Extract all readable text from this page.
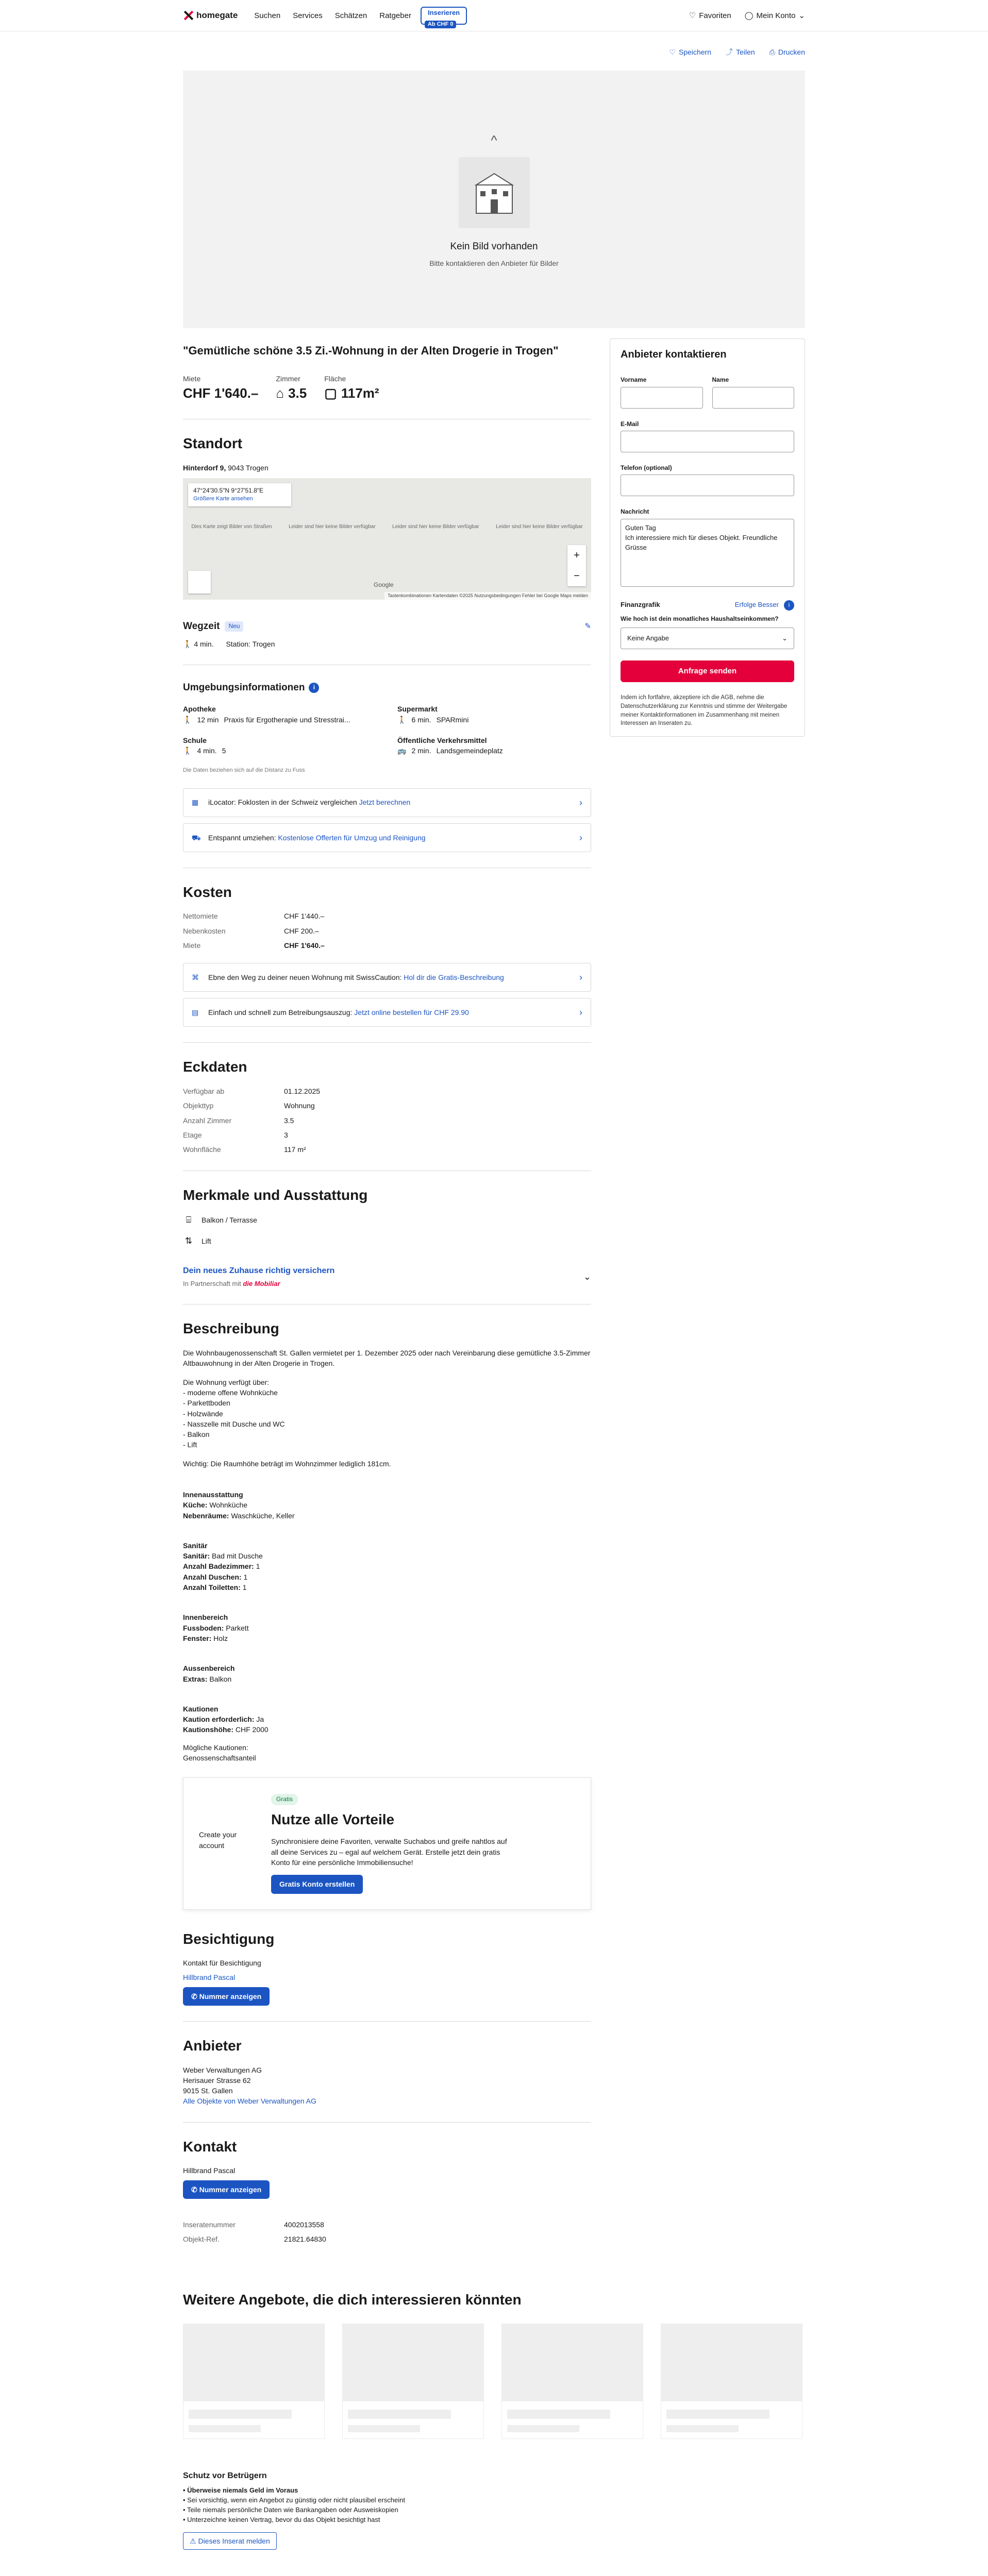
homegate Suchen Services Schätzen Ratgeber	Inserieren
Ab CHF 0
♡ Favoriten ◯ Mein Konto ⌄
♡ Speichern ⤴ Teilen ⎙ Drucken
^
Kein Bild vorhanden
Bitte kontaktieren den Anbieter für Bilder
"Gemütliche schöne 3.5 Zi.-Wohnung in der Alten Drogerie in Trogen"
Miete
CHF 1'640.–
Zimmer
⌂ 3.5
Fläche
▢ 117m²
Standort
Hinterdorf 9, 9043 Trogen
47°24'30.5"N 9°27'51.8"E
Größere Karte ansehen
Dies Karte zeigt Bilder von Straßen	Leider sind hier keine Bilder verfügbar	Leider sind hier keine Bilder verfügbar	Leider sind hier keine Bilder verfügbar
+
−
Google
Tastenkombinationen Kartendaten ©2025 Nutzungsbedingungen Fehler bei Google Maps melden
Wegzeit	Neu	✎
🚶 4 min. Station: Trogen
Umgebungsinformationen	i
Apotheke
🚶 12 min Praxis für Ergotherapie und Stresstrai...
Supermarkt
🚶 6 min. SPARmini
Schule
🚶 4 min. 5
Öffentliche Verkehrsmittel
🚌 2 min. Landsgemeindeplatz
Die Daten beziehen sich auf die Distanz zu Fuss
▦	iLocator: Foklosten in der Schweiz vergleichen Jetzt berechnen	›
⛟ Entspannt umziehen: Kostenlose Offerten für Umzug und Reinigung	›
Kosten
Nettomiete	CHF 1'440.–
Nebenkosten	CHF 200.–
Miete	CHF 1'640.–
⌘	Ebne den Weg zu deiner neuen Wohnung mit SwissCaution: Hol dir die Gratis-Beschreibung	›
▤	Einfach und schnell zum Betreibungsauszug: Jetzt online bestellen für CHF 29.90	›
Eckdaten
Verfügbar ab	01.12.2025
Objekttyp	Wohnung
Anzahl Zimmer	3.5
Etage	3
Wohnfläche	117 m²
Merkmale und Ausstattung
⌸	Balkon / Terrasse
⇅ Lift
Dein neues Zuhause richtig versichern
In Partnerschaft mit die Mobiliar
⌄
Beschreibung

Die Wohnbaugenossenschaft St. Gallen vermietet per 1. Dezember 2025 oder nach Vereinbarung diese gemütliche 3.5-Zimmer Altbauwohnung in der Alten Drogerie in Trogen.

Die Wohnung verfügt über:
- moderne offene Wohnküche
- Parkettboden
- Holzwände
- Nasszelle mit Dusche und WC
- Balkon
- Lift

Wichtig: Die Raumhöhe beträgt im Wohnzimmer lediglich 181cm.

Innenausstattung
Küche: Wohnküche
Nebenräume: Waschküche, Keller
Sanitär
Sanitär: Bad mit Dusche
Anzahl Badezimmer: 1
Anzahl Duschen: 1
Anzahl Toiletten: 1
Innenbereich
Fussboden: Parkett
Fenster: Holz
Aussenbereich
Extras: Balkon
Kautionen
Kaution erforderlich: Ja
Kautionshöhe: CHF 2000

Mögliche Kautionen:
Genossenschaftsanteil

Create your account
Gratis
Nutze alle Vorteile
Synchronisiere deine Favoriten, verwalte Suchabos und greife nahtlos auf all deine Services zu – egal auf welchem Gerät. Erstelle jetzt dein gratis Konto für eine persönliche Immobiliensuche!
Gratis Konto erstellen
Besichtigung
Kontakt für Besichtigung
Hillbrand Pascal
✆ Nummer anzeigen
Anbieter
Weber Verwaltungen AG
Herisauer Strasse 62
9015 St. Gallen
Alle Objekte von Weber Verwaltungen AG
Kontakt
Hillbrand Pascal
✆ Nummer anzeigen
Inseratenummer	4002013558
Objekt-Ref.	21821.64830
Anbieter kontaktieren
Vorname	Name
E-Mail
Telefon (optional)
Nachricht
Guten Tag
Ich interessiere mich für dieses Objekt. Freundliche Grüsse
Finanzgrafik	Erfolge Besser	i
Wie hoch ist dein monatliches Haushaltseinkommen?
Keine Angabe	⌄
Anfrage senden
Indem ich fortfahre, akzeptiere ich die AGB, nehme die Datenschutzerklärung zur Kenntnis und stimme der Weitergabe meiner Kontaktinformationen im Zusammenhang mit meinen Interessen an Inseraten zu.
Weitere Angebote, die dich interessieren könnten
Schutz vor Betrügern
• Überweise niemals Geld im Voraus
• Sei vorsichtig, wenn ein Angebot zu günstig oder nicht plausibel erscheint
• Teile niemals persönliche Daten wie Bankangaben oder Ausweiskopien
• Unterzeichne keinen Vertrag, bevor du das Objekt besichtigt hast
⚠ Dieses Inserat melden
